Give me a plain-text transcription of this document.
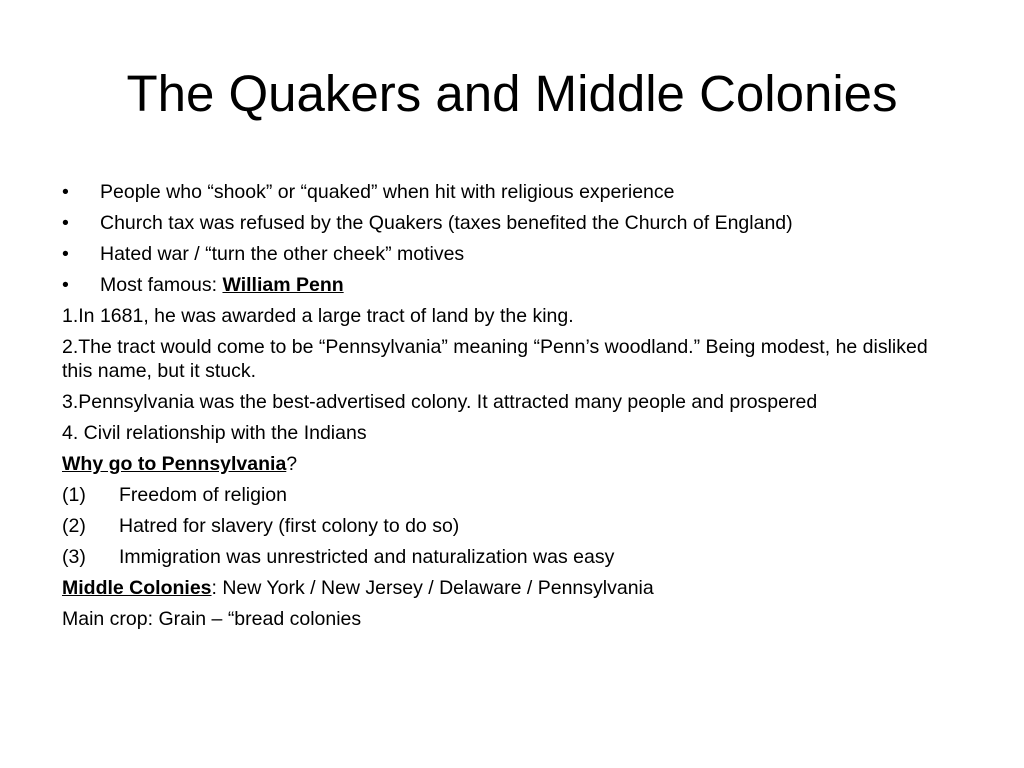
The Quakers and Middle Colonies
•	People who “shook” or “quaked” when hit with religious experience
•	Church tax was refused by the Quakers (taxes benefited the Church of England)
•	Hated war / “turn the other cheek” motives
•	Most famous: William Penn
1.In 1681, he was awarded a large tract of land by the king.
2.The tract would come to be “Pennsylvania” meaning “Penn’s woodland.” Being modest, he disliked this name, but it stuck.
3.Pennsylvania was the best-advertised colony. It attracted many people and prospered
4. Civil relationship with the Indians
Why go to Pennsylvania?
(1) Freedom of religion
(2) Hatred for slavery (first colony to do so)
(3) Immigration was unrestricted and naturalization was easy
Middle Colonies: New York / New Jersey / Delaware / Pennsylvania
Main crop: Grain – “bread colonies
